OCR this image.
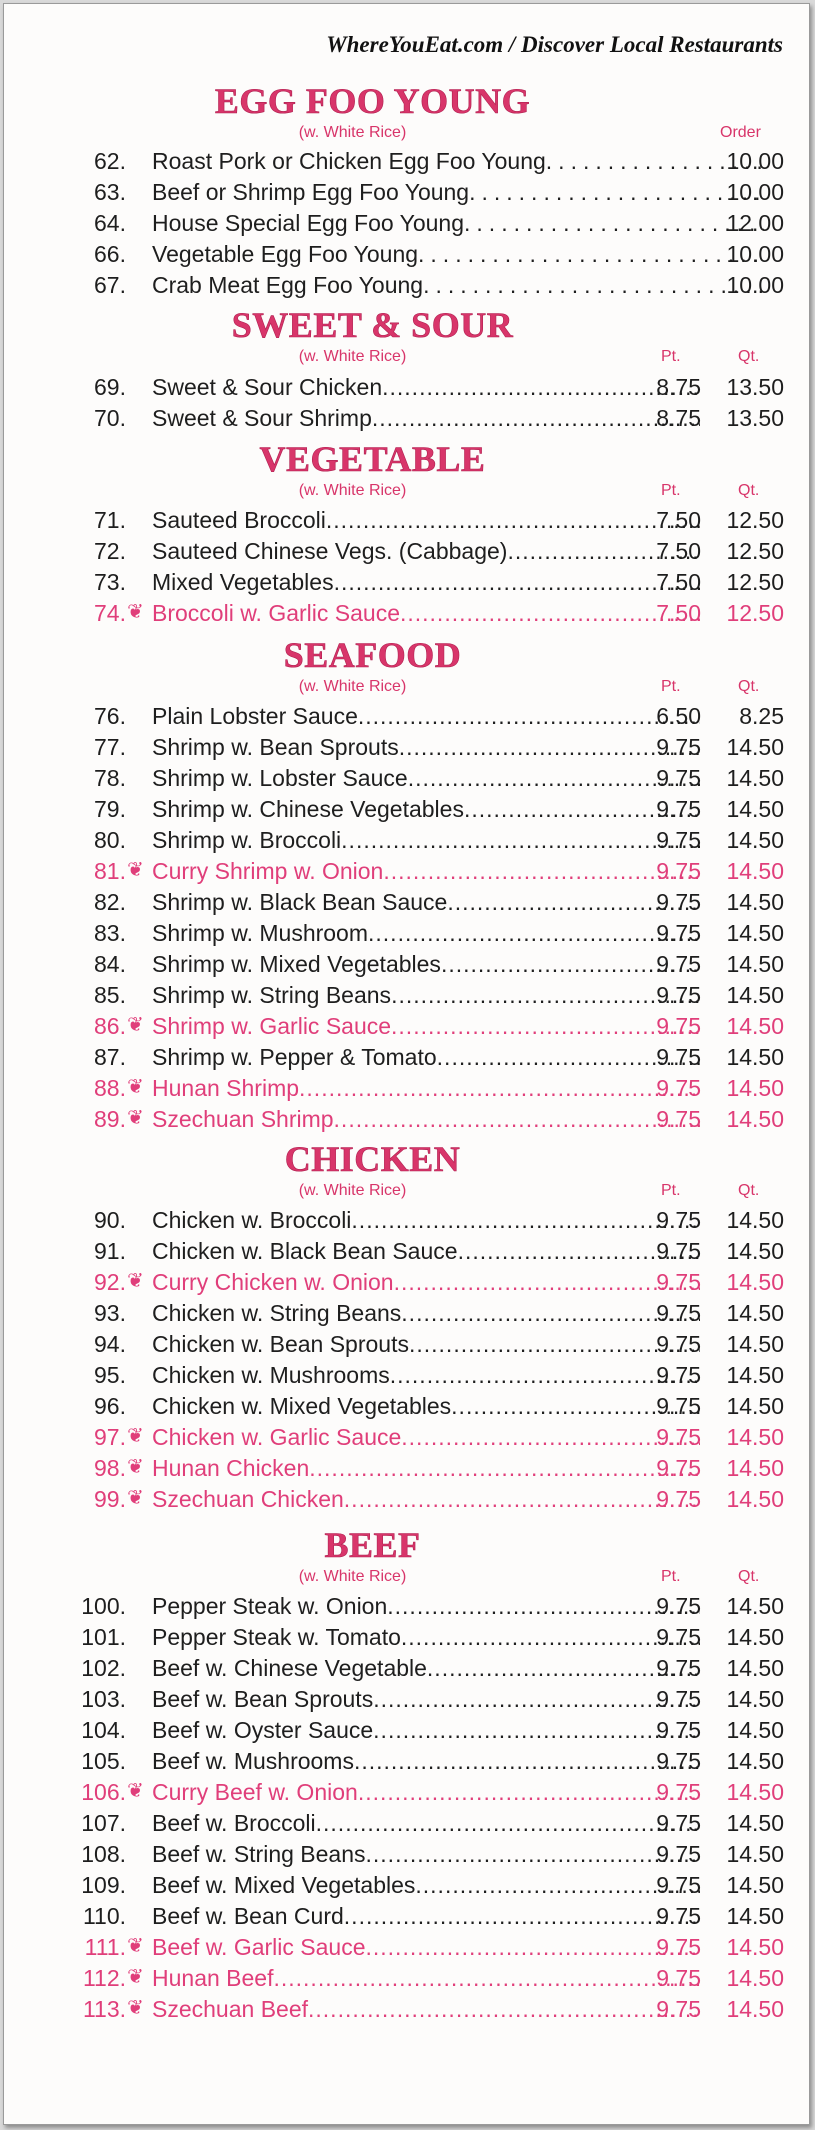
WhereYouEat.com / Discover Local Restaurants
EGG FOO YOUNG
(w. White Rice)	Order
62. Roast Pork or Chicken Egg Foo Young .....	10.00
63. Beef or Shrimp Egg Foo Young .....	10.00
64. House Special Egg Foo Young .....	12.00
66. Vegetable Egg Foo Young .....	10.00
67. Crab Meat Egg Foo Young .....	10.00
SWEET & SOUR
(w. White Rice)	Pt.	Qt.
69. Sweet & Sour Chicken .....	8.75	13.50
70. Sweet & Sour Shrimp .....	8.75	13.50
VEGETABLE
(w. White Rice)	Pt.	Qt.
71. Sauteed Broccoli .....	7.50	12.50
72. Sauteed Chinese Vegs. (Cabbage) .....	7.50	12.50
73. Mixed Vegetables .....	7.50	12.50
74. ❦ Broccoli w. Garlic Sauce .....	7.50	12.50
SEAFOOD
(w. White Rice)	Pt.	Qt.
76. Plain Lobster Sauce .....	6.50	8.25
77. Shrimp w. Bean Sprouts .....	9.75	14.50
78. Shrimp w. Lobster Sauce .....	9.75	14.50
79. Shrimp w. Chinese Vegetables .....	9.75	14.50
80. Shrimp w. Broccoli .....	9.75	14.50
81. ❦ Curry Shrimp w. Onion .....	9.75	14.50
82. Shrimp w. Black Bean Sauce .....	9.75	14.50
83. Shrimp w. Mushroom .....	9.75	14.50
84. Shrimp w. Mixed Vegetables .....	9.75	14.50
85. Shrimp w. String Beans .....	9.75	14.50
86. ❦ Shrimp w. Garlic Sauce .....	9.75	14.50
87. Shrimp w. Pepper & Tomato .....	9.75	14.50
88. ❦ Hunan Shrimp .....	9.75	14.50
89. ❦ Szechuan Shrimp .....	9.75	14.50
CHICKEN
(w. White Rice)	Pt.	Qt.
90. Chicken w. Broccoli .....	9.75	14.50
91. Chicken w. Black Bean Sauce .....	9.75	14.50
92. ❦ Curry Chicken w. Onion .....	9.75	14.50
93. Chicken w. String Beans .....	9.75	14.50
94. Chicken w. Bean Sprouts .....	9.75	14.50
95. Chicken w. Mushrooms .....	9.75	14.50
96. Chicken w. Mixed Vegetables .....	9.75	14.50
97. ❦ Chicken w. Garlic Sauce .....	9.75	14.50
98. ❦ Hunan Chicken .....	9.75	14.50
99. ❦ Szechuan Chicken .....	9.75	14.50
BEEF
(w. White Rice)	Pt.	Qt.
100. Pepper Steak w. Onion .....	9.75	14.50
101. Pepper Steak w. Tomato .....	9.75	14.50
102. Beef w. Chinese Vegetable .....	9.75	14.50
103. Beef w. Bean Sprouts .....	9.75	14.50
104. Beef w. Oyster Sauce .....	9.75	14.50
105. Beef w. Mushrooms .....	9.75	14.50
106. ❦ Curry Beef w. Onion .....	9.75	14.50
107. Beef w. Broccoli .....	9.75	14.50
108. Beef w. String Beans .....	9.75	14.50
109. Beef w. Mixed Vegetables .....	9.75	14.50
110. Beef w. Bean Curd .....	9.75	14.50
111. ❦ Beef w. Garlic Sauce .....	9.75	14.50
112. ❦ Hunan Beef .....	9.75	14.50
113. ❦ Szechuan Beef .....	9.75	14.50
